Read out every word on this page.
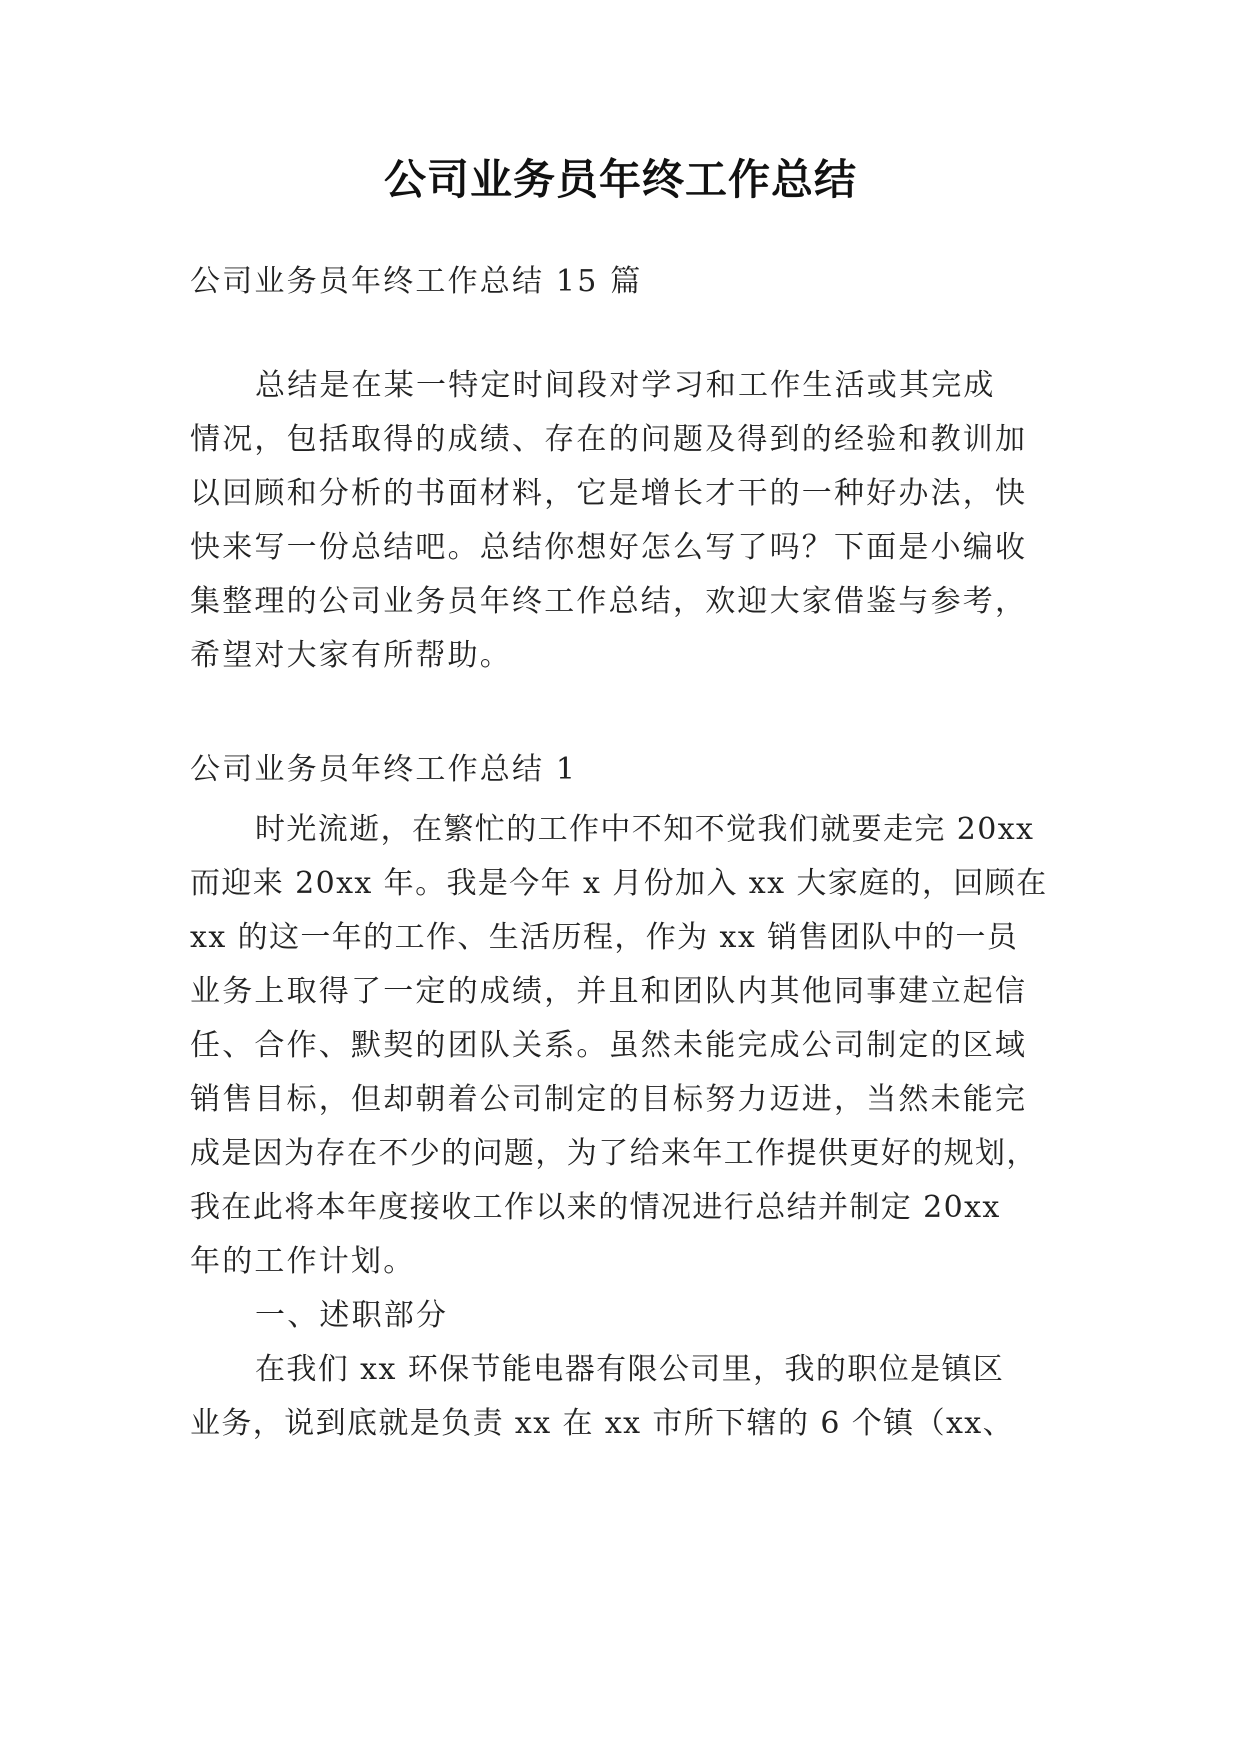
公司业务员年终工作总结
公司业务员年终工作总结 15 篇
总结是在某一特定时间段对学习和工作生活或其完成
情况，包括取得的成绩、存在的问题及得到的经验和教训加
以回顾和分析的书面材料，它是增长才干的一种好办法，快
快来写一份总结吧。总结你想好怎么写了吗？下面是小编收
集整理的公司业务员年终工作总结，欢迎大家借鉴与参考，
希望对大家有所帮助。
公司业务员年终工作总结 1
时光流逝，在繁忙的工作中不知不觉我们就要走完 20xx
而迎来 20xx 年。我是今年 x 月份加入 xx 大家庭的，回顾在
xx 的这一年的工作、生活历程，作为 xx 销售团队中的一员
业务上取得了一定的成绩，并且和团队内其他同事建立起信
任、合作、默契的团队关系。虽然未能完成公司制定的区域
销售目标，但却朝着公司制定的目标努力迈进，当然未能完
成是因为存在不少的问题，为了给来年工作提供更好的规划，
我在此将本年度接收工作以来的情况进行总结并制定 20xx
年的工作计划。
一、述职部分
在我们 xx 环保节能电器有限公司里，我的职位是镇区
业务，说到底就是负责 xx 在 xx 市所下辖的 6 个镇（xx、
